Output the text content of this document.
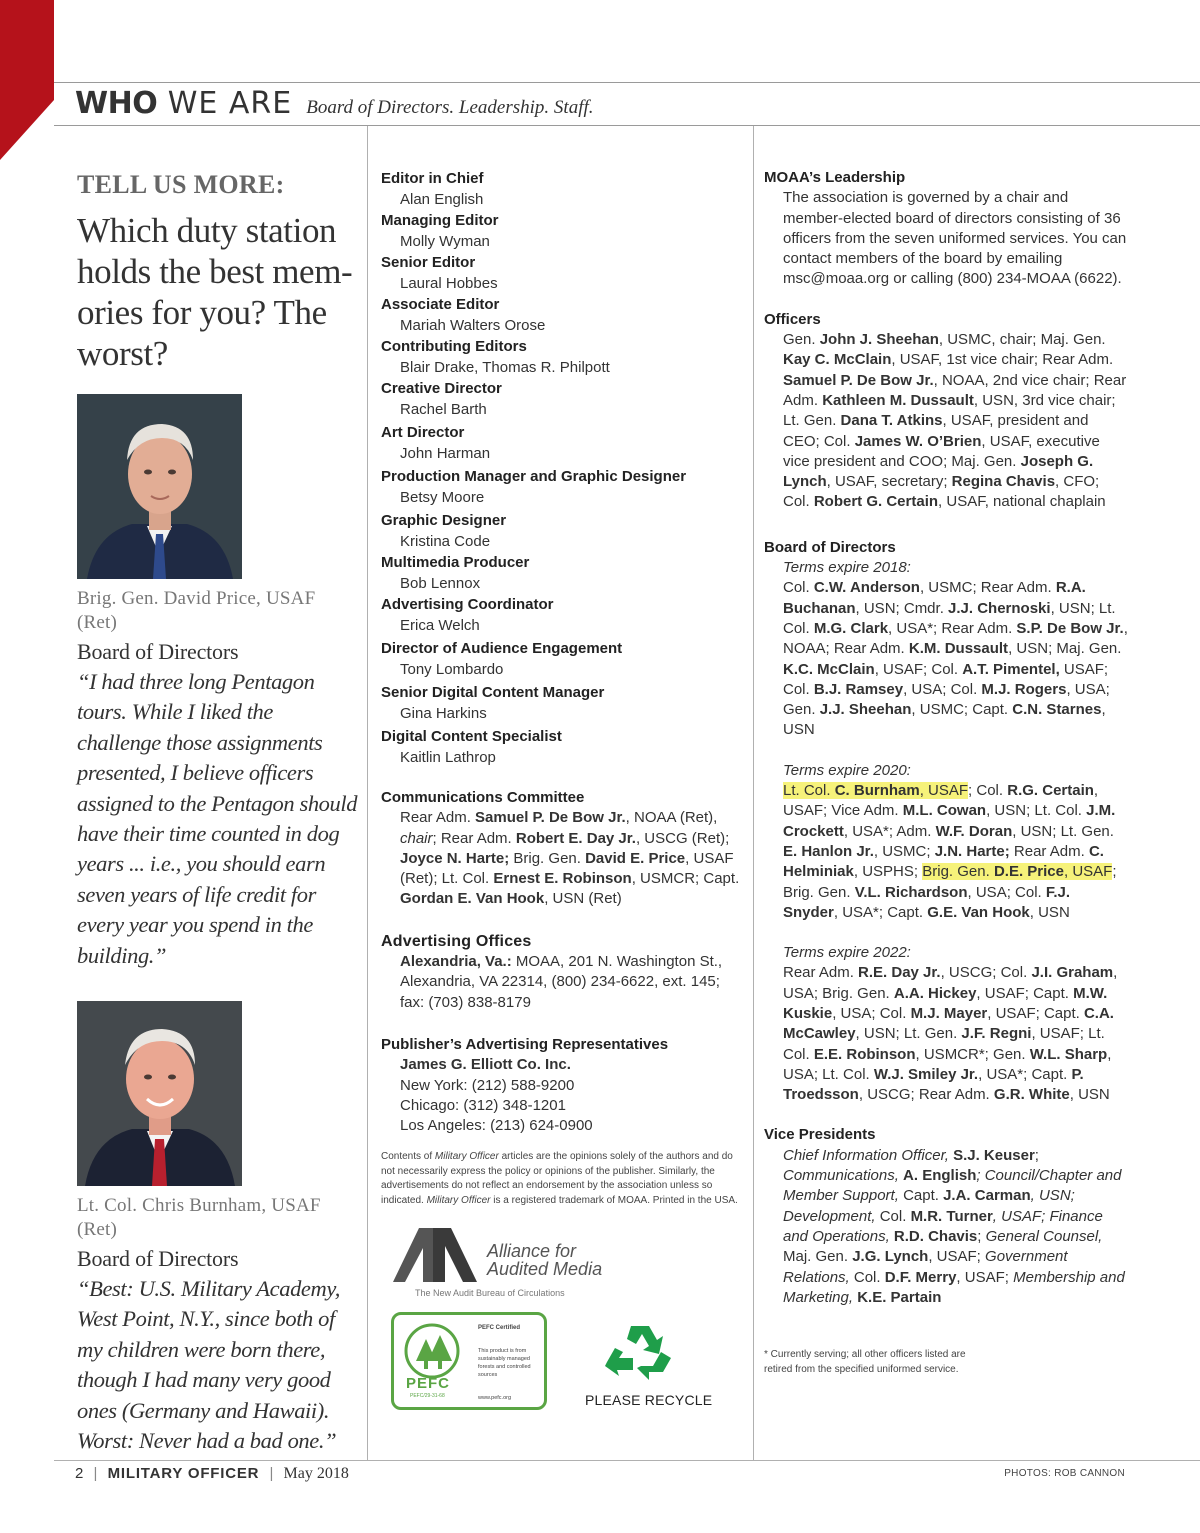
WHO WE ARE Board of Directors. Leadership. Staff.
TELL US MORE:
Which duty station holds the best mem-ories for you? The worst?
Brig. Gen. David Price, USAF (Ret)
Board of Directors
“I had three long Pentagon tours. While I liked the challenge those assignments presented, I believe officers assigned to the Pentagon should have their time counted in dog years ... i.e., you should earn seven years of life credit for every year you spend in the building.”
Lt. Col. Chris Burnham, USAF (Ret)
Board of Directors
“Best: U.S. Military Academy, West Point, N.Y., since both of my children were born there, though I had many very good ones (Germany and Hawaii). Worst: Never had a bad one.”
Editor in Chief
Alan English
Managing Editor
Molly Wyman
Senior Editor
Laural Hobbes
Associate Editor
Mariah Walters Orose
Contributing Editors
Blair Drake, Thomas R. Philpott
Creative Director
Rachel Barth
Art Director
John Harman
Production Manager and Graphic Designer
Betsy Moore
Graphic Designer
Kristina Code
Multimedia Producer
Bob Lennox
Advertising Coordinator
Erica Welch
Director of Audience Engagement
Tony Lombardo
Senior Digital Content Manager
Gina Harkins
Digital Content Specialist
Kaitlin Lathrop
Communications Committee
Rear Adm. Samuel P. De Bow Jr., NOAA (Ret), chair; Rear Adm. Robert E. Day Jr., USCG (Ret); Joyce N. Harte; Brig. Gen. David E. Price, USAF (Ret); Lt. Col. Ernest E. Robinson, USMCR; Capt. Gordan E. Van Hook, USN (Ret)
Advertising Offices
Alexandria, Va.: MOAA, 201 N. Washington St., Alexandria, VA 22314, (800) 234-6622, ext. 145; fax: (703) 838-8179
Publisher’s Advertising Representatives
James G. Elliott Co. Inc.
New York: (212) 588-9200
Chicago: (312) 348-1201
Los Angeles: (213) 624-0900
Contents of Military Officer articles are the opinions solely of the authors and do not necessarily express the policy or opinions of the publisher. Similarly, the advertisements do not reflect an endorsement by the association unless so indicated. Military Officer is a registered trademark of MOAA. Printed in the USA.
Alliance for
Audited Media
The New Audit Bureau of Circulations
PEFC
PEFC/29-31-68
PEFC Certified
This product is from sustainably managed forests and controlled sources
www.pefc.org	PLEASE RECYCLE
MOAA’s Leadership
The association is governed by a chair and member-elected board of directors consisting of 36 officers from the seven uniformed services. You can contact members of the board by emailing msc@moaa.org or calling (800) 234-MOAA (6622).
Officers
Gen. John J. Sheehan, USMC, chair; Maj. Gen. Kay C. McClain, USAF, 1st vice chair; Rear Adm. Samuel P. De Bow Jr., NOAA, 2nd vice chair; Rear Adm. Kathleen M. Dussault, USN, 3rd vice chair; Lt. Gen. Dana T. Atkins, USAF, president and CEO; Col. James W. O’Brien, USAF, executive vice president and COO; Maj. Gen. Joseph G. Lynch, USAF, secretary; Regina Chavis, CFO; Col. Robert G. Certain, USAF, national chaplain
Board of Directors
Terms expire 2018:
Col. C.W. Anderson, USMC; Rear Adm. R.A. Buchanan, USN; Cmdr. J.J. Chernoski, USN; Lt. Col. M.G. Clark, USA*; Rear Adm. S.P. De Bow Jr., NOAA; Rear Adm. K.M. Dussault, USN; Maj. Gen. K.C. McClain, USAF; Col. A.T. Pimentel, USAF; Col. B.J. Ramsey, USA; Col. M.J. Rogers, USA; Gen. J.J. Sheehan, USMC; Capt. C.N. Starnes, USN
Terms expire 2020:
Lt. Col. C. Burnham, USAF; Col. R.G. Certain, USAF; Vice Adm. M.L. Cowan, USN; Lt. Col. J.M. Crockett, USA*; Adm. W.F. Doran, USN; Lt. Gen. E. Hanlon Jr., USMC; J.N. Harte; Rear Adm. C. Helminiak, USPHS; Brig. Gen. D.E. Price, USAF; Brig. Gen. V.L. Richardson, USA; Col. F.J. Snyder, USA*; Capt. G.E. Van Hook, USN
Terms expire 2022:
Rear Adm. R.E. Day Jr., USCG; Col. J.I. Graham, USA; Brig. Gen. A.A. Hickey, USAF; Capt. M.W. Kuskie, USA; Col. M.J. Mayer, USAF; Capt. C.A. McCawley, USN; Lt. Gen. J.F. Regni, USAF; Lt. Col. E.E. Robinson, USMCR*; Gen. W.L. Sharp, USA; Lt. Col. W.J. Smiley Jr., USA*; Capt. P. Troedsson, USCG; Rear Adm. G.R. White, USN
Vice Presidents
Chief Information Officer, S.J. Keuser; Communications, A. English; Council/Chapter and Member Support, Capt. J.A. Carman, USN; Development, Col. M.R. Turner, USAF; Finance and Operations, R.D. Chavis; General Counsel, Maj. Gen. J.G. Lynch, USAF; Government Relations, Col. D.F. Merry, USAF; Membership and Marketing, K.E. Partain
* Currently serving; all other officers listed are retired from the specified uniformed service.
2 | MILITARY OFFICER | May 2018	PHOTOS: ROB CANNON
